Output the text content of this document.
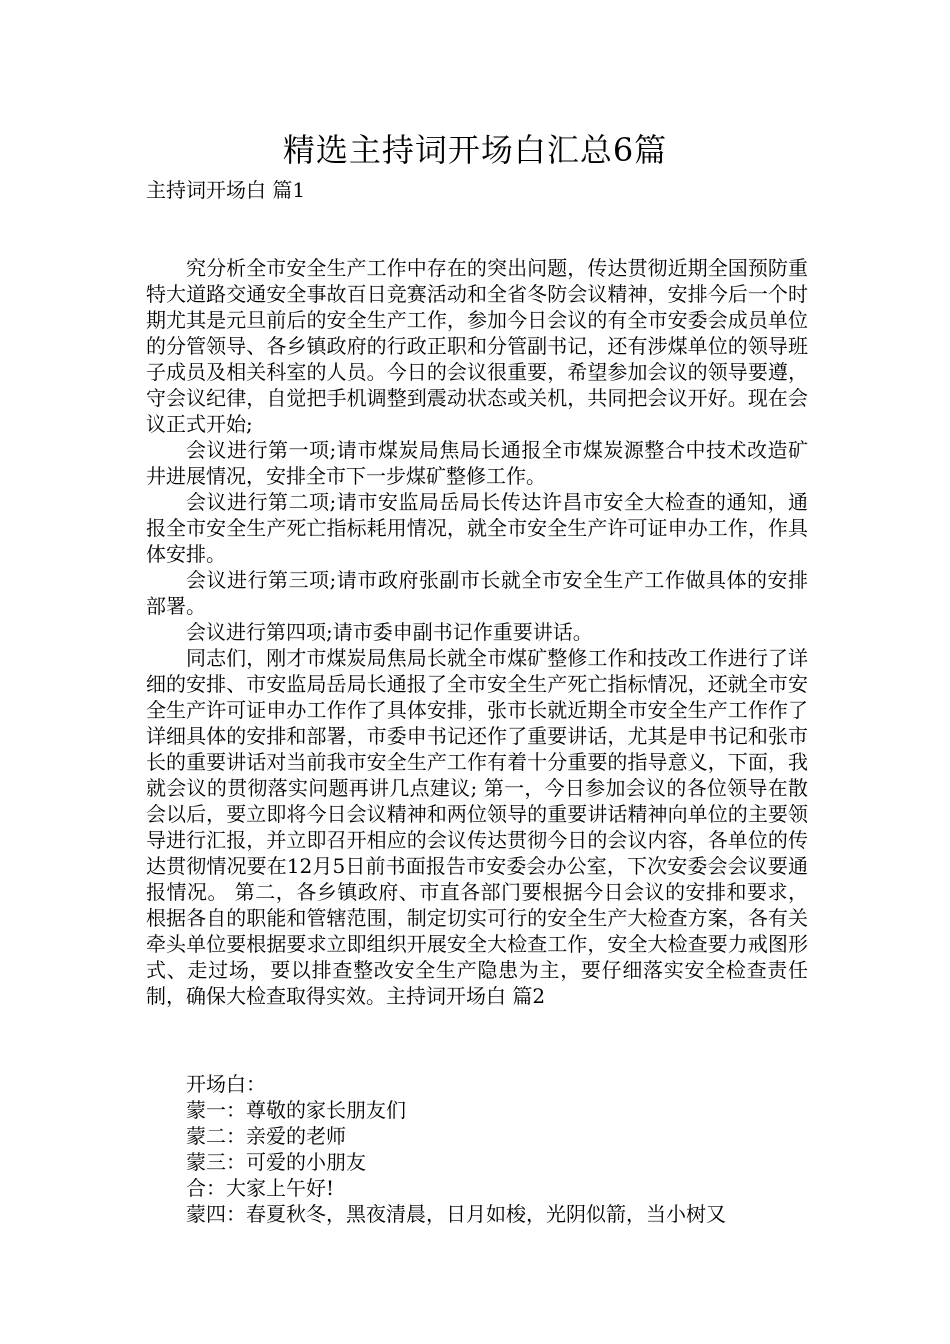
精选主持词开场白汇总6篇
主持词开场白 篇1

究分析全市安全生产工作中存在的突出问题，传达贯彻近期全国预防重特大道路交通安全事故百日竞赛活动和全省冬防会议精神，安排今后一个时期尤其是元旦前后的安全生产工作，参加今日会议的有全市安委会成员单位的分管领导、各乡镇政府的行政正职和分管副书记，还有涉煤单位的领导班子成员及相关科室的人员。今日的会议很重要，希望参加会议的领导要遵，守会议纪律，自觉把手机调整到震动状态或关机，共同把会议开好。现在会议正式开始;

会议进行第一项;请市煤炭局焦局长通报全市煤炭源整合中技术改造矿井进展情况，安排全市下一步煤矿整修工作。

会议进行第二项;请市安监局岳局长传达许昌市安全大检查的通知，通报全市安全生产死亡指标耗用情况，就全市安全生产许可证申办工作，作具体安排。

会议进行第三项;请市政府张副市长就全市安全生产工作做具体的安排部署。

会议进行第四项;请市委申副书记作重要讲话。

同志们，刚才市煤炭局焦局长就全市煤矿整修工作和技改工作进行了详细的安排、市安监局岳局长通报了全市安全生产死亡指标情况，还就全市安全生产许可证申办工作作了具体安排，张市长就近期全市安全生产工作作了详细具体的安排和部署，市委申书记还作了重要讲话，尤其是申书记和张市长的重要讲话对当前我市安全生产工作有着十分重要的指导意义，下面，我就会议的贯彻落实问题再讲几点建议; 第一，今日参加会议的各位领导在散会以后，要立即将今日会议精神和两位领导的重要讲话精神向单位的主要领导进行汇报，并立即召开相应的会议传达贯彻今日的会议内容，各单位的传达贯彻情况要在12月5日前书面报告市安委会办公室，下次安委会会议要通报情况。 第二，各乡镇政府、市直各部门要根据今日会议的安排和要求，根据各自的职能和管辖范围，制定切实可行的安全生产大检查方案，各有关牵头单位要根据要求立即组织开展安全大检查工作，安全大检查要力戒图形式、走过场，要以排查整改安全生产隐患为主，要仔细落实安全检查责任制，确保大检查取得实效。主持词开场白 篇2

开场白：

蒙一：尊敬的家长朋友们

蒙二：亲爱的老师

蒙三：可爱的小朋友

合：大家上午好!

蒙四：春夏秋冬，黑夜清晨，日月如梭，光阴似箭，当小树又
